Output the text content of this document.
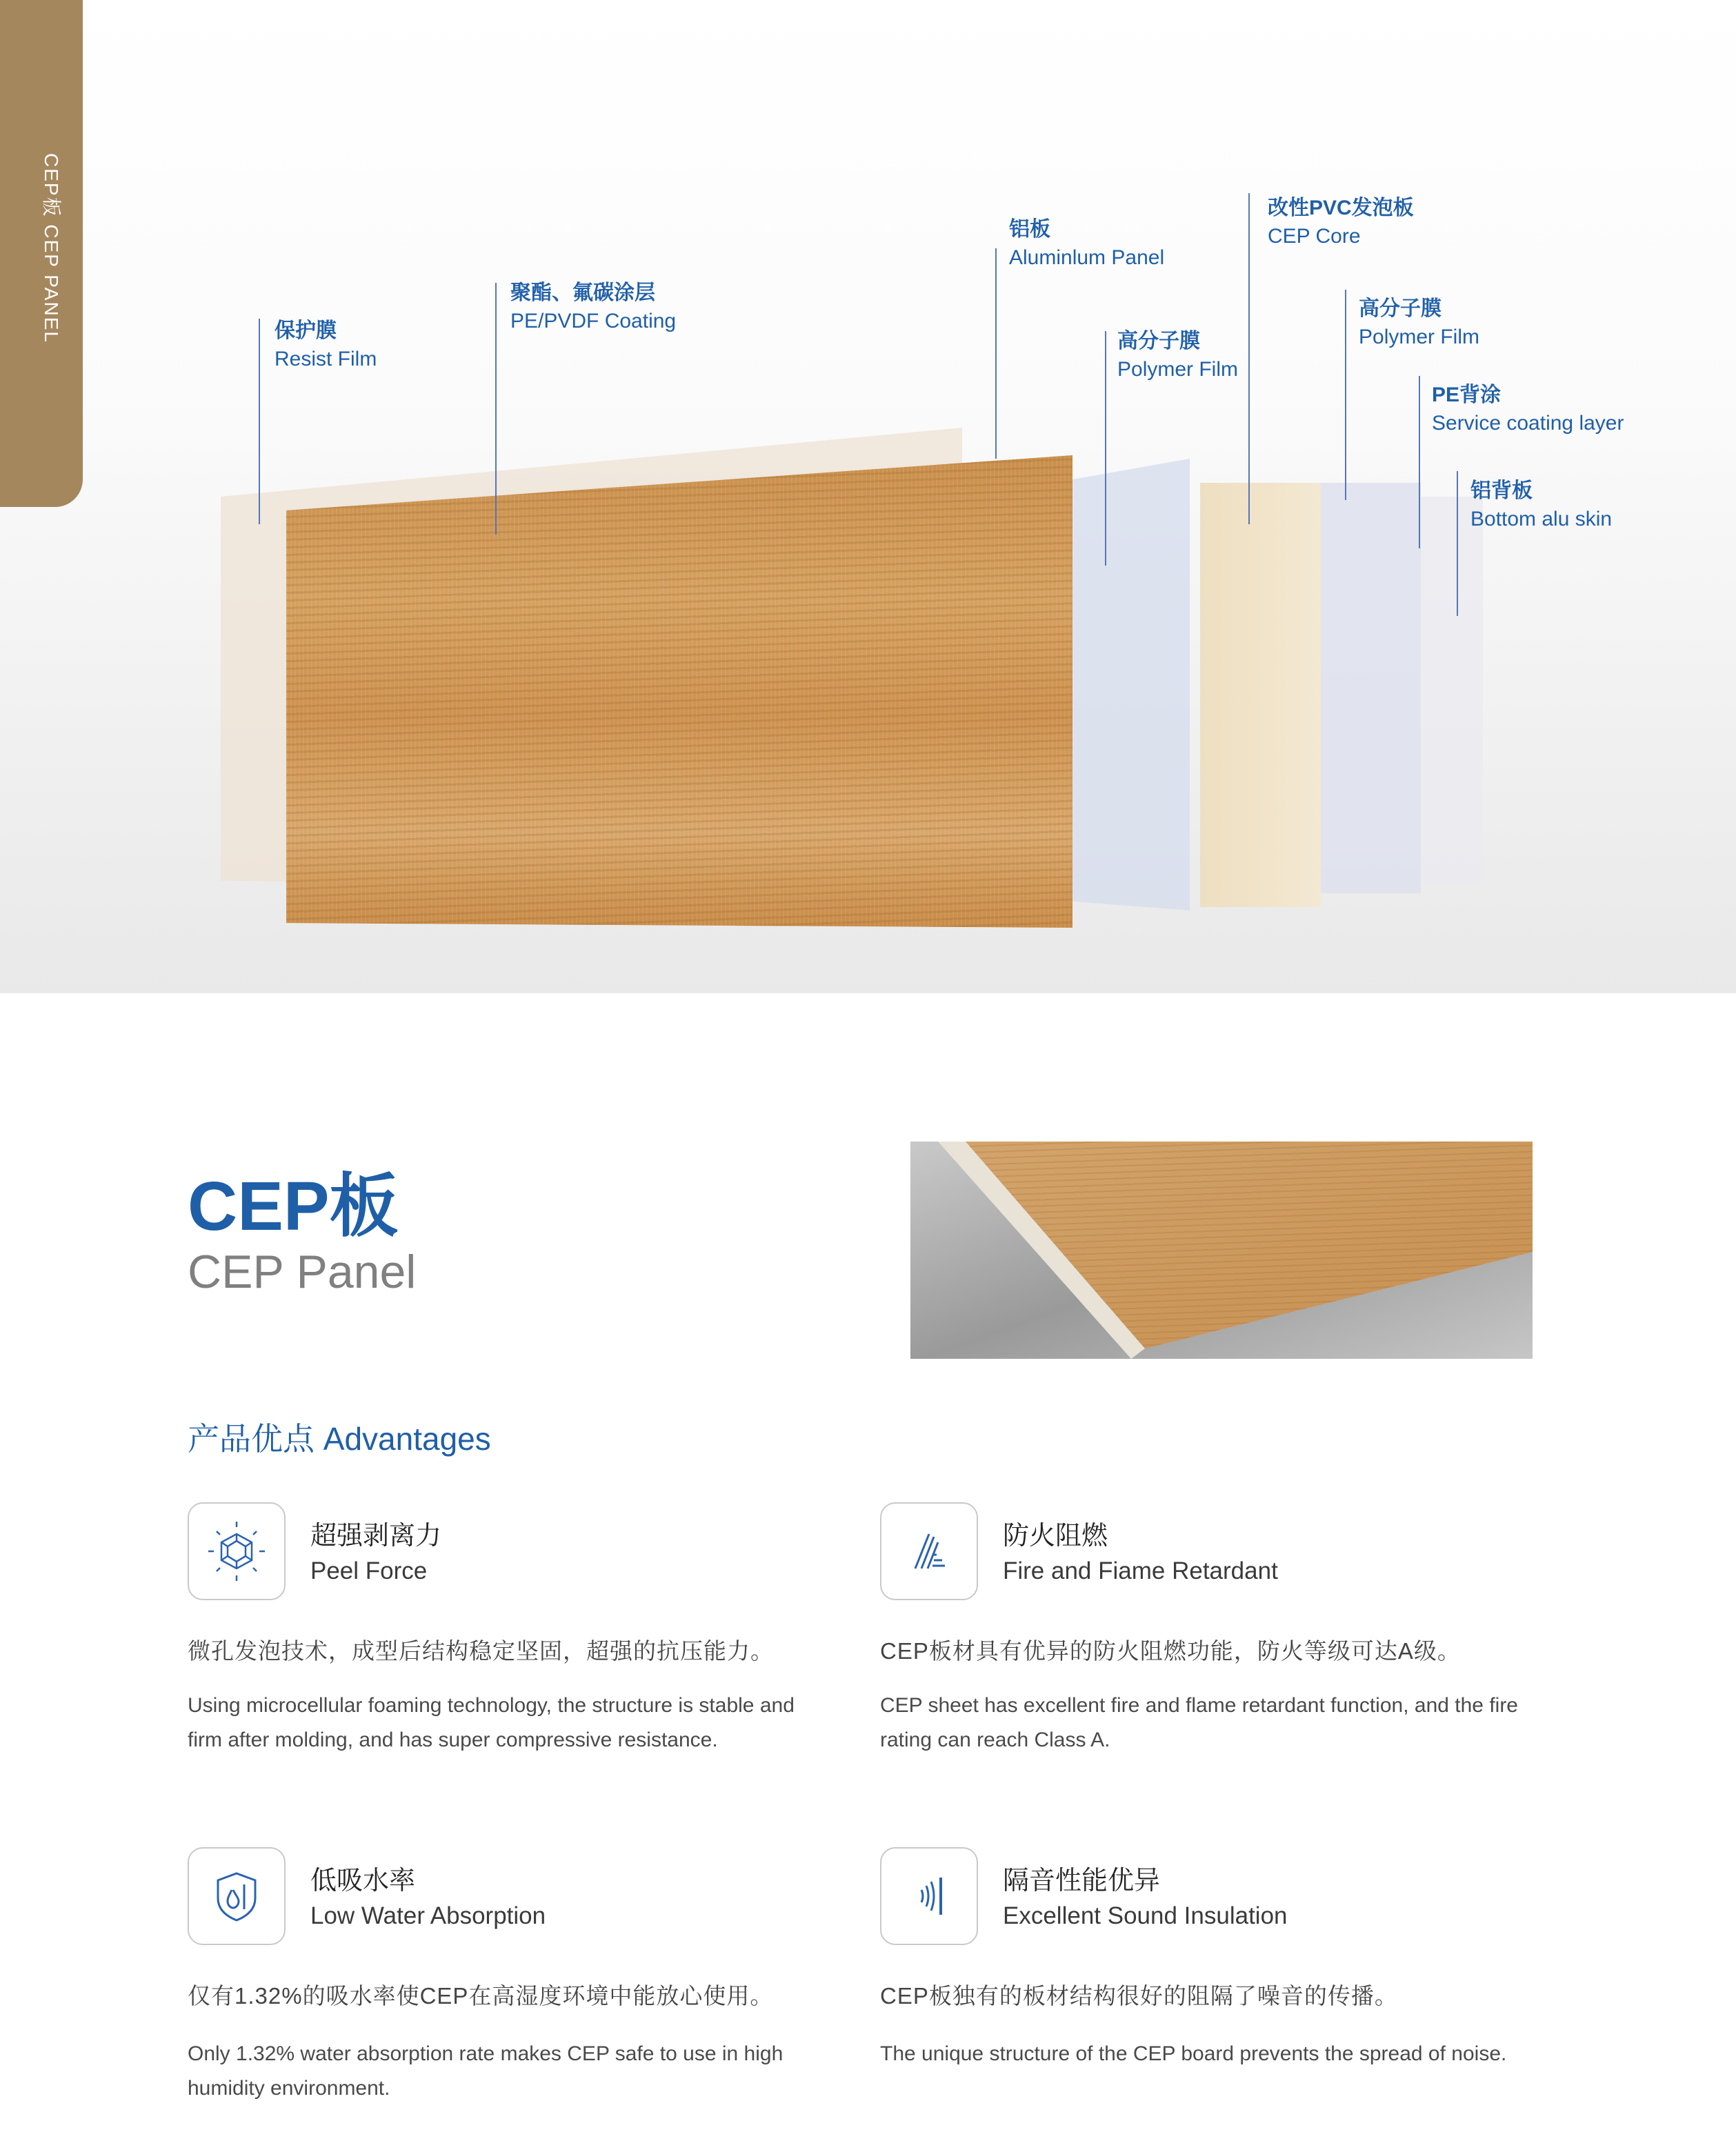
保护膜
Resist Film
聚酯、氟碳涂层
PE/PVDF Coating
铝板
Aluminlum Panel
高分子膜
Polymer Film
改性PVC发泡板
CEP Core
高分子膜
Polymer Film
PE背涂
Service coating layer
铝背板
Bottom alu skin
CEP板 CEP PANEL
CEP板
CEP Panel
产品优点 Advantages
超强剥离力
Peel Force
微孔发泡技术，成型后结构稳定坚固，超强的抗压能力。
Using microcellular foaming technology, the structure is stable and firm after molding, and has super compressive resistance.
防火阻燃
Fire and Fiame Retardant
CEP板材具有优异的防火阻燃功能，防火等级可达A级。
CEP sheet has excellent fire and flame retardant function, and the fire rating can reach Class A.
低吸水率
Low Water Absorption
仅有1.32%的吸水率使CEP在高湿度环境中能放心使用。
Only 1.32% water absorption rate makes CEP safe to use in high humidity environment.
隔音性能优异
Excellent Sound Insulation
CEP板独有的板材结构很好的阻隔了噪音的传播。
The unique structure of the CEP board prevents the spread of noise.
